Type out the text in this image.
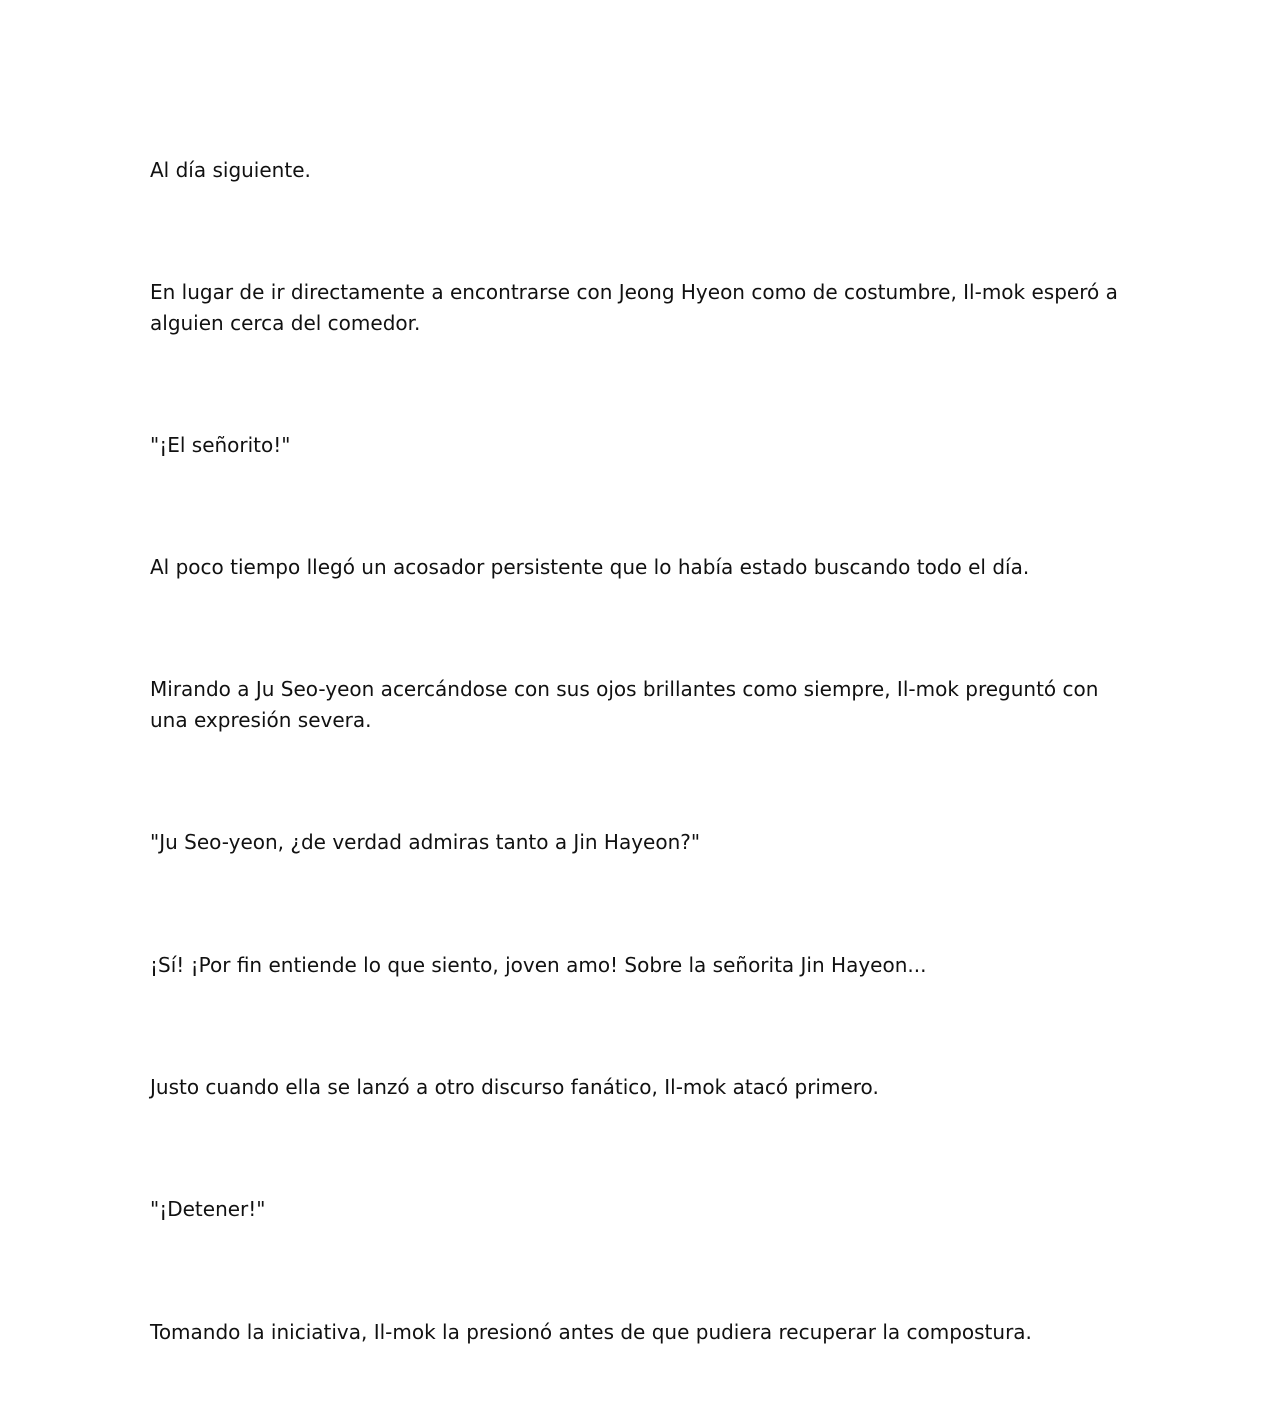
Al día siguiente.

En lugar de ir directamente a encontrarse con Jeong Hyeon como de costumbre, Il-mok esperó a alguien cerca del comedor.

"¡El señorito!"

Al poco tiempo llegó un acosador persistente que lo había estado buscando todo el día.

Mirando a Ju Seo-yeon acercándose con sus ojos brillantes como siempre, Il-mok preguntó con una expresión severa.

"Ju Seo-yeon, ¿de verdad admiras tanto a Jin Hayeon?"

¡Sí! ¡Por fin entiende lo que siento, joven amo! Sobre la señorita Jin Hayeon...

Justo cuando ella se lanzó a otro discurso fanático, Il-mok atacó primero.

"¡Detener!"

Tomando la iniciativa, Il-mok la presionó antes de que pudiera recuperar la compostura.
